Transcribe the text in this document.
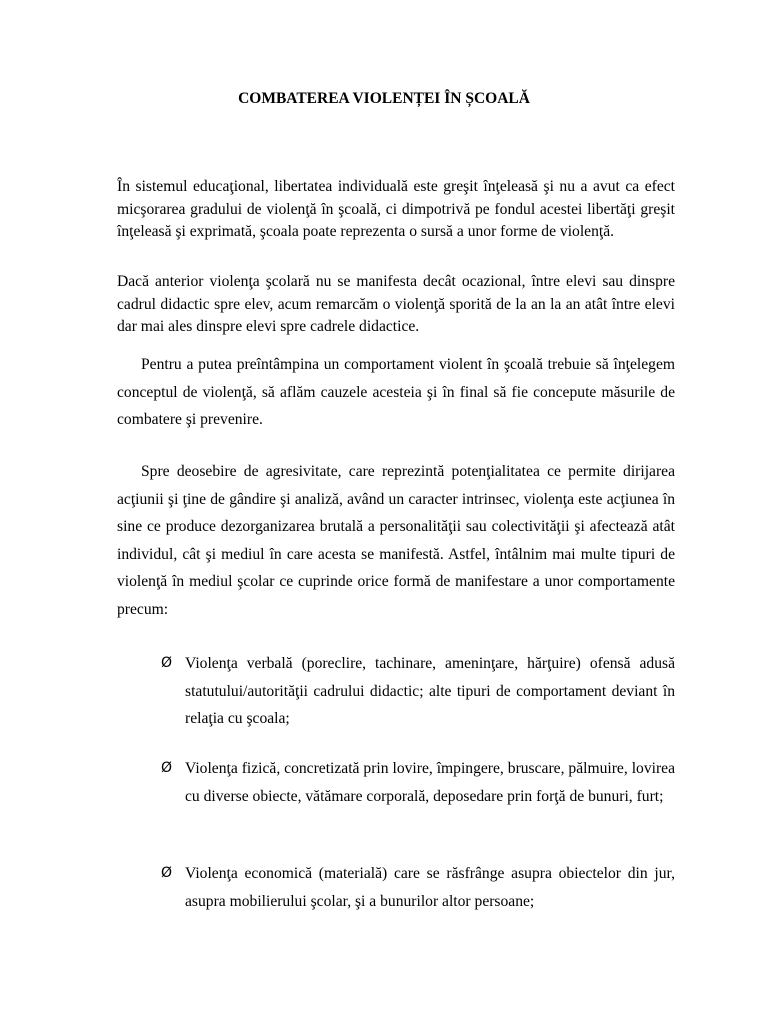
COMBATEREA VIOLENȚEI ÎN ȘCOALĂ

În sistemul educaţional, libertatea individuală este greşit înţeleasă şi nu a avut ca efect micşorarea gradului de violenţă în şcoală, ci dimpotrivă pe fondul acestei libertăţi greşit înţeleasă şi exprimată, şcoala poate reprezenta o sursă a unor forme de violenţă.

Dacă anterior violenţa şcolară nu se manifesta decât ocazional, între elevi sau dinspre cadrul didactic spre elev, acum remarcăm o violenţă sporită de la an la an atât între elevi dar mai ales dinspre elevi spre cadrele didactice.

Pentru a putea preîntâmpina un comportament violent în şcoală trebuie să înţelegem conceptul de violenţă, să aflăm cauzele acesteia şi în final să fie concepute măsurile de combatere şi prevenire.

Spre deosebire de agresivitate, care reprezintă potenţialitatea ce permite dirijarea acţiunii şi ţine de gândire şi analiză, având un caracter intrinsec, violenţa este acţiunea în sine ce produce dezorganizarea brutală a personalităţii sau colectivităţii şi afectează atât individul, cât şi mediul în care acesta se manifestă. Astfel, întâlnim mai multe tipuri de violenţă în mediul şcolar ce cuprinde orice formă de manifestare a unor comportamente precum:

Ø Violenţa verbală (poreclire, tachinare, ameninţare, hărţuire) ofensă adusă statutului/autorităţii cadrului didactic; alte tipuri de comportament deviant în relaţia cu şcoala;
Ø Violenţa fizică, concretizată prin lovire, împingere, bruscare, pălmuire, lovirea cu diverse obiecte, vătămare corporală, deposedare prin forţă de bunuri, furt;
Ø Violenţa economică (materială) care se răsfrânge asupra obiectelor din jur, asupra mobilierului şcolar, şi a bunurilor altor persoane;
